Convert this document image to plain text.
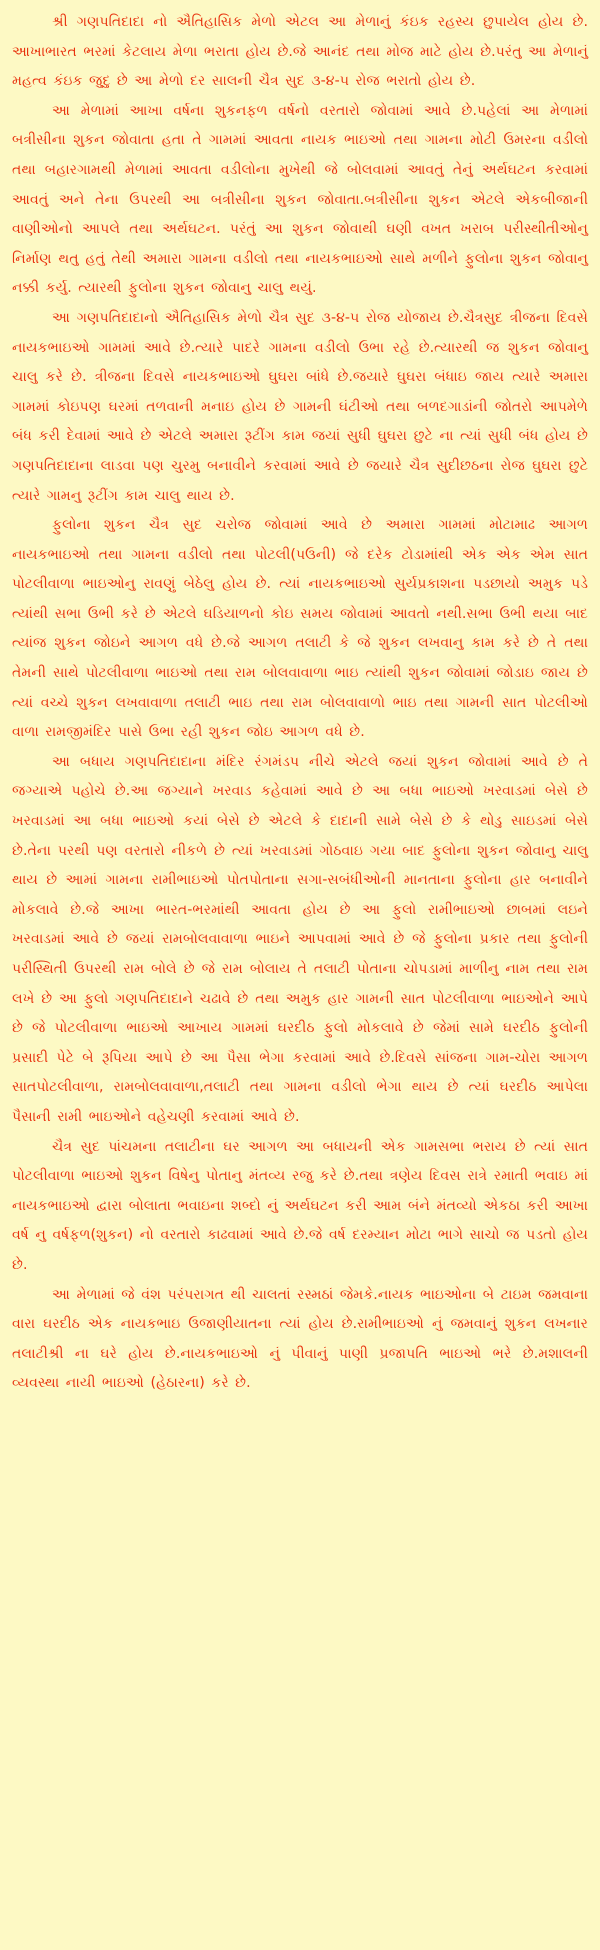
શ્રી ગણપતિદાદા નો ઐતિહાસિક મેળો એટલ આ મેળાનું કંઇક રહસ્ય છુપાયેલ હોય છે. આખાભારત ભરમાં કેટલાય મેળા ભરાતા હોય છે.જે આનંદ તથા મોજ માટે હોય છે.પરંતુ આ મેળાનું મહત્વ કંઇક જુદુ છે આ મેળો દર સાલની ચૈત્ર સુદ ૩-૪-૫ રોજ ભરાતો હોય છે.

આ મેળામાં આખા વર્ષના શુકનફળ વર્ષનો વરતારો જોવામાં આવે છે.પહેલાં આ મેળામાં બત્રીસીના શુકન જોવાતા હતા તે ગામમાં આવતા નાયક ભાઇઓ તથા ગામના મોટી ઉમરના વડીલો તથા બહારગામથી મેળામાં આવતા વડીલોના મુખેથી જે બોલવામાં આવતું તેનું અર્થઘટન કરવામાં આવતું અને તેના ઉપરથી આ બત્રીસીના શુકન જોવાતા.બત્રીસીના શુકન એટલે એકબીજાની વાણીઓનો આપલે તથા અર્થઘટન. પરંતું આ શુકન જોવાથી ઘણી વખત ખરાબ પરીસ્થીતીઓનુ નિર્માણ થતુ હતું તેથી અમારા ગામના વડીલો તથા નાયકભાઇઓ સાથે મળીને ફુલોના શુકન જોવાનુ નક્કી કર્યુ. ત્યારથી ફુલોના શુકન જોવાનુ ચાલુ થયું.

આ ગણપતિદાદાનો ઐતિહાસિક મેળો ચૈત્ર સુદ ૩-૪-૫ રોજ યોજાય છે.ચૈત્રસુદ ત્રીજના દિવસે નાયકભાઇઓ ગામમાં આવે છે.ત્યારે પાદરે ગામના વડીલો ઉભા રહે છે.ત્યારથી જ શુકન જોવાનુ ચાલુ કરે છે. ત્રીજના દિવસે નાયકભાઇઓ ઘુઘરા બાંધે છે.જયારે ઘુઘરા બંધાઇ જાય ત્યારે અમારા ગામમાં કોઇપણ ઘરમાં તળવાની મનાઇ હોય છે ગામની ઘંટીઓ તથા બળદગાડાંની જોતરો આપમેળે બંધ કરી દેવામાં આવે છે એટલે અમારા રૂટીંગ કામ જયાં સુધી ઘુઘરા છુટે ના ત્યાં સુધી બંધ હોય છે ગણપતિદાદાના લાડવા પણ ચુરમુ બનાવીને કરવામાં આવે છે જયારે ચૈત્ર સુદીછઠના રોજ ઘુઘરા છુટે ત્યારે ગામનુ રૂટીંગ કામ ચાલુ થાય છે.

ફુલોના શુકન ચૈત્ર સુદ ચરોજ જોવામાં આવે છે અમારા ગામમાં મોટામાઢ આગળ નાયકભાઇઓ તથા ગામના વડીલો તથા પોટલી(પઉની) જે દરેક ટોડામાંથી એક એક એમ સાત પોટલીવાળા ભાઇઓનુ રાવણું બેઠેલુ હોય છે. ત્યાં નાયકભાઇઓ સુર્યપ્રકાશના પડછાયો અમુક પડે ત્યાંથી સભા ઉભી કરે છે એટલે ઘડિયાળનો કોઇ સમય જોવામાં આવતો નથી.સભા ઉભી થયા બાદ ત્યાંજ શુકન જોઇને આગળ વધે છે.જે આગળ તલાટી કે જે શુકન લખવાનુ કામ કરે છે તે તથા તેમની સાથે પોટલીવાળા ભાઇઓ તથા રામ બોલવાવાળા ભાઇ ત્યાંથી શુકન જોવામાં જોડાઇ જાય છે ત્યાં વચ્ચે શુકન લખવાવાળા તલાટી ભાઇ તથા રામ બોલવાવાળો ભાઇ તથા ગામની સાત પોટલીઓ વાળા રામજીમંદિર પાસે ઉભા રહી શુકન જોઇ આગળ વધે છે.

આ બધાય ગણપતિદાદાના મંદિર રંગમંડપ નીચે એટલે જયાં શુકન જોવામાં આવે છે તે જગ્યાએ પહોચે છે.આ જગ્યાને ખરવાડ કહેવામાં આવે છે આ બધા ભાઇઓ ખરવાડમાં બેસે છે ખરવાડમાં આ બધા ભાઇઓ કયાં બેસે છે એટલે કે દાદાની સામે બેસે છે કે થોડુ સાઇડમાં બેસે છે.તેના પરથી પણ વરતારો નીકળે છે ત્યાં ખરવાડમાં ગોઠવાઇ ગયા બાદ ફુલોના શુકન જોવાનુ ચાલુ થાય છે આમાં ગામના રામીભાઇઓ પોતપોતાના સગા-સબંધીઓની માનતાના ફુલોના હાર બનાવીને મોકલાવે છે.જે આખા ભારત-ભરમાંથી આવતા હોય છે આ ફુલો રામીભાઇઓ છાબમાં લઇને ખરવાડમાં આવે છે જયાં રામબોલવાવાળા ભાઇને આપવામાં આવે છે જે ફુલોના પ્રકાર તથા ફુલોની પરીસ્થિતી ઉપરથી રામ બોલે છે જે રામ બોલાય તે તલાટી પોતાના ચોપડામાં માળીનુ નામ તથા રામ લખે છે આ ફુલો ગણપતિદાદાને ચઢાવે છે તથા અમુક હાર ગામની સાત પોટલીવાળા ભાઇઓને આપે છે જે પોટલીવાળા ભાઇઓ આખાય ગામમાં ઘરદીઠ ફુલો મોકલાવે છે જેમાં સામે ઘરદીઠ ફુલોની પ્રસાદી પેટે બે રૂપિયા આપે છે આ પૈસા ભેગા કરવામાં આવે છે.દિવસે સાંજના ગામ-ચોરા આગળ સાતપોટલીવાળા, રામબોલવાવાળા,તલાટી તથા ગામના વડીલો ભેગા થાય છે ત્યાં ઘરદીઠ આપેલા પૈસાની રામી ભાઇઓને વહેચણી કરવામાં આવે છે.

ચૈત્ર સુદ પાંચમના તલાટીના ઘર આગળ આ બધાયની એક ગામસભા ભરાય છે ત્યાં સાત પોટલીવાળા ભાઇઓ શુકન વિષેનુ પોતાનુ મંતવ્ય રજુ કરે છે.તથા ત્રણેય દિવસ રાત્રે રમાતી ભવાઇ માં નાયકભાઇઓ દ્વારા બોલાતા ભવાઇના શબ્દો નું અર્થઘટન કરી આમ બંને મંતવ્યો એકઠા કરી આખા વર્ષ નુ વર્ષફળ(શુકન) નો વરતારો કાઢવામાં આવે છે.જે વર્ષ દરમ્યાન મોટા ભાગે સાચો જ પડતો હોય છે.

આ મેળામાં જે વંશ પરંપરાગત થી ચાલતાં રસ્મઠાં જેમકે.નાયક ભાઇઓના બે ટાઇમ જમવાના વારા ઘરદીઠ એક નાયકભાઇ ઉજાણીયાતના ત્યાં હોય છે.રામીભાઇઓ નું જમવાનું શુકન લખનાર તલાટીશ્રી ના ઘરે હોય છે.નાયકભાઇઓ નું પીવાનું પાણી પ્રજાપતિ ભાઇઓ ભરે છે.મશાલની વ્યવસ્થા નાયી ભાઇઓ (હેઠારના) કરે છે.
